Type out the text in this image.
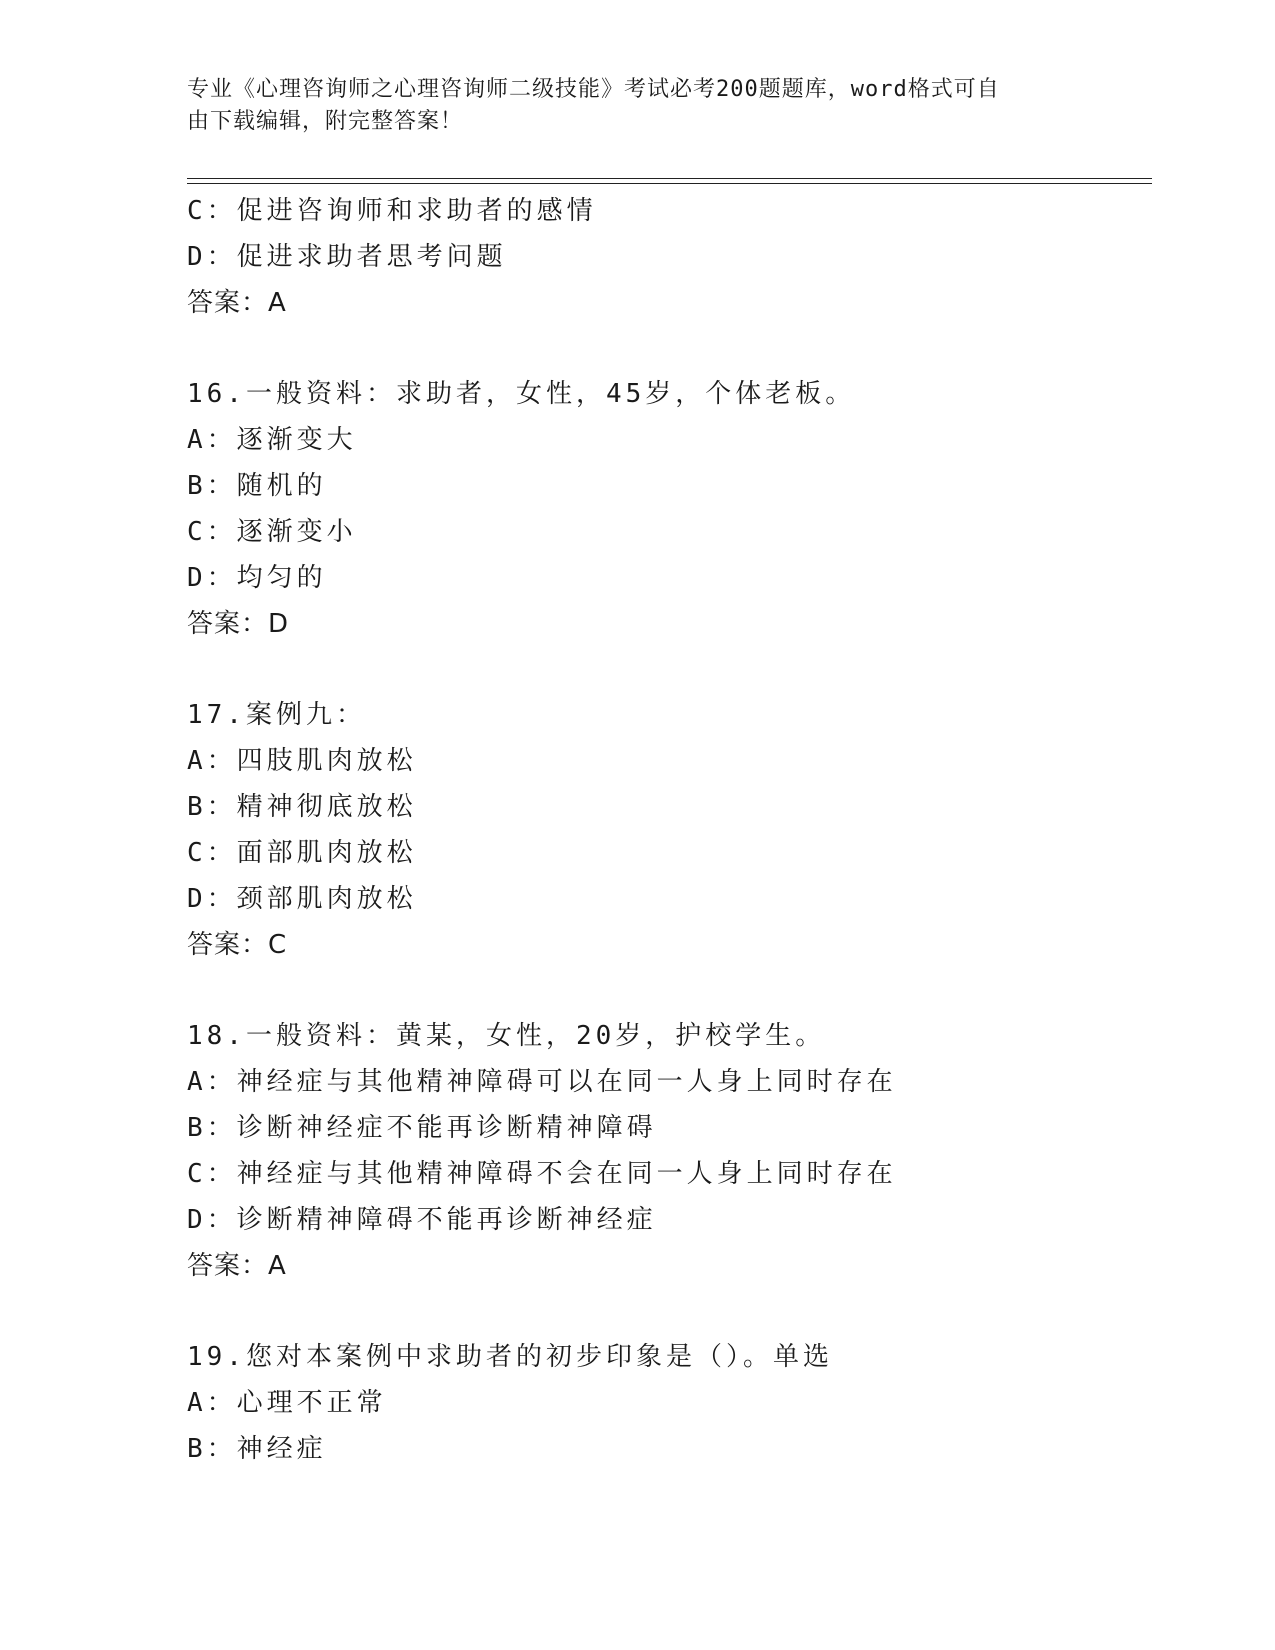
专业《心理咨询师之心理咨询师二级技能》考试必考200题题库，word格式可自
由下载编辑，附完整答案！
C：促进咨询师和求助者的感情
D：促进求助者思考问题
答案：A
16.一般资料：求助者，女性，45岁，个体老板。
A：逐渐变大
B：随机的
C：逐渐变小
D：均匀的
答案：D
17.案例九：
A：四肢肌肉放松
B：精神彻底放松
C：面部肌肉放松
D：颈部肌肉放松
答案：C
18.一般资料：黄某，女性，20岁，护校学生。
A：神经症与其他精神障碍可以在同一人身上同时存在
B：诊断神经症不能再诊断精神障碍
C：神经症与其他精神障碍不会在同一人身上同时存在
D：诊断精神障碍不能再诊断神经症
答案：A
19.您对本案例中求助者的初步印象是（）。单选
A：心理不正常
B：神经症
